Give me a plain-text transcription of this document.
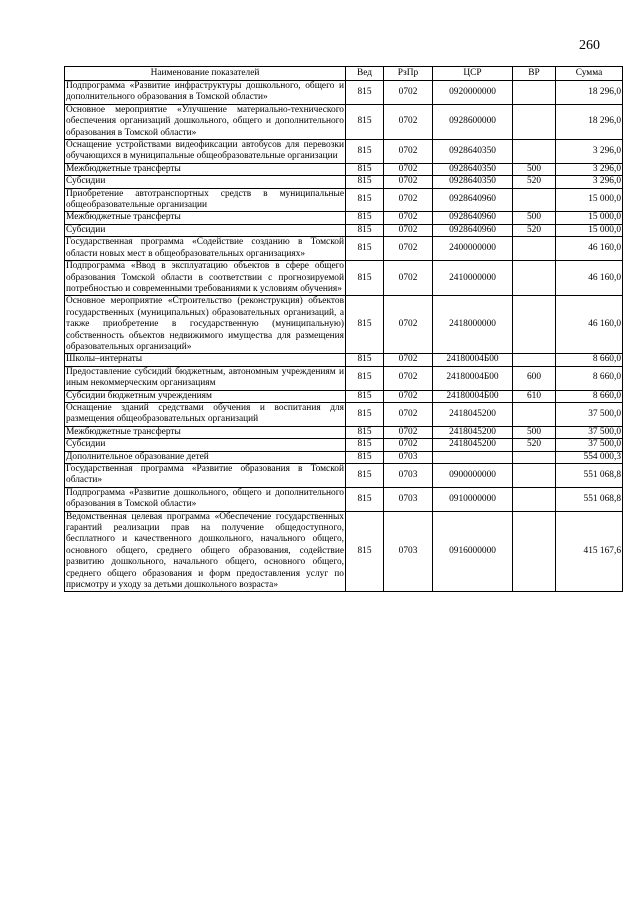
260
Наименование показателей	Вед	РзПр	ЦСР	ВР	Сумма
Подпрограмма «Развитие инфраструктуры дошкольного, общего и дополнительного образования в Томской области»	815	0702	0920000000		18 296,0
Основное мероприятие «Улучшение материально-технического обеспечения организаций дошкольного, общего и дополнительного образования в Томской области»	815	0702	0928600000		18 296,0
Оснащение устройствами видеофиксации автобусов для перевозки обучающихся в муниципальные общеобразовательные организации	815	0702	0928640350		3 296,0
Межбюджетные трансферты	815	0702	0928640350	500	3 296,0
Субсидии	815	0702	0928640350	520	3 296,0
Приобретение автотранспортных средств в муниципальные общеобразовательные организации	815	0702	0928640960		15 000,0
Межбюджетные трансферты	815	0702	0928640960	500	15 000,0
Субсидии	815	0702	0928640960	520	15 000,0
Государственная программа «Содействие созданию в Томской области новых мест в общеобразовательных организациях»	815	0702	2400000000		46 160,0
Подпрограмма «Ввод в эксплуатацию объектов в сфере общего образования Томской области в соответствии с прогнозируемой потребностью и современными требованиями к условиям обучения»	815	0702	2410000000		46 160,0
Основное мероприятие «Строительство (реконструкция) объектов государственных (муниципальных) образовательных организаций, а также приобретение в государственную (муниципальную) собственность объектов недвижимого имущества для размещения образовательных организаций»	815	0702	2418000000		46 160,0
Школы–интернаты	815	0702	24180004Б00		8 660,0
Предоставление субсидий бюджетным, автономным учреждениям и иным некоммерческим организациям	815	0702	24180004Б00	600	8 660,0
Субсидии бюджетным учреждениям	815	0702	24180004Б00	610	8 660,0
Оснащение зданий средствами обучения и воспитания для размещения общеобразовательных организаций	815	0702	2418045200		37 500,0
Межбюджетные трансферты	815	0702	2418045200	500	37 500,0
Субсидии	815	0702	2418045200	520	37 500,0
Дополнительное образование детей	815	0703			554 000,3
Государственная программа «Развитие образования в Томской области»	815	0703	0900000000		551 068,8
Подпрограмма «Развитие дошкольного, общего и дополнительного образования в Томской области»	815	0703	0910000000		551 068,8
Ведомственная целевая программа «Обеспечение государственных гарантий реализации прав на получение общедоступного, бесплатного и качественного дошкольного, начального общего, основного общего, среднего общего образования, содействие развитию дошкольного, начального общего, основного общего, среднего общего образования и форм предоставления услуг по присмотру и уходу за детьми дошкольного возраста»	815	0703	0916000000		415 167,6
